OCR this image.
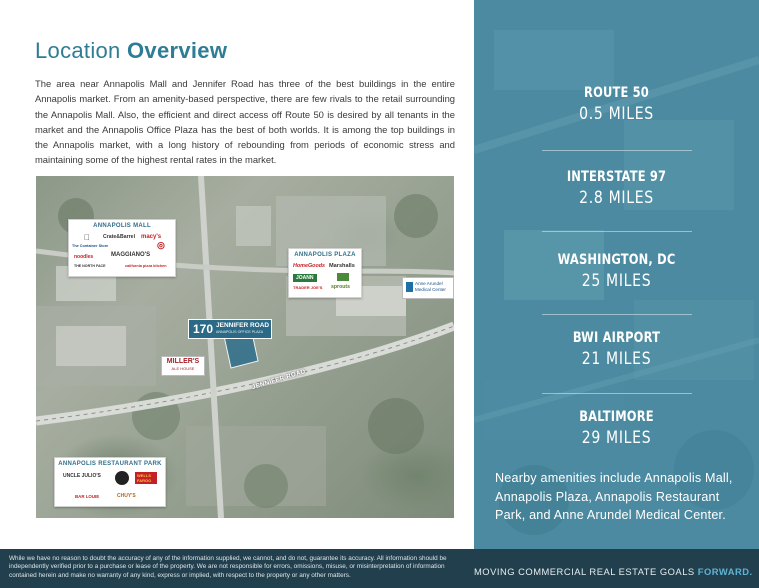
Location Overview
The area near Annapolis Mall and Jennifer Road has three of the best buildings in the entire Annapolis market. From an amenity-based perspective, there are few rivals to the retail surrounding the Annapolis Mall. Also, the efficient and direct access off Route 50 is desired by all tenants in the market and the Annapolis Office Plaza has the best of both worlds. It is among the top buildings in the Annapolis market, with a long history of rebounding from periods of economic stress and maintaining some of the highest rental rates in the market.
ANNAPOLIS MALL
Crate&Barrel macy's
The Container Store	◎
noodles	MAGGIANO'S
THE NORTH FACE	california pizza kitchen
ANNAPOLIS PLAZA
HomeGoods Marshalls
JOANN
TRADER JOE'S sprouts
Anne Arundel
Medical Center
170 JENNIFER ROAD
ANNAPOLIS OFFICE PLAZA
MILLER'S
ALE HOUSE	JENNIFER ROAD
ANNAPOLIS RESTAURANT PARK
UNCLE JULIO'S	WELLS FARGO
BAR LOUIE	CHUY'S
ROUTE 50
0.5 MILES
INTERSTATE 97
2.8 MILES
WASHINGTON, DC
25 MILES
BWI AIRPORT
21 MILES
BALTIMORE
29 MILES
Nearby amenities include Annapolis Mall, Annapolis Plaza, Annapolis Restaurant Park, and Anne Arundel Medical Center.
While we have no reason to doubt the accuracy of any of the information supplied, we cannot, and do not, guarantee its accuracy. All information should be independently verified prior to a purchase or lease of the property. We are not responsible for errors, omissions, misuse, or misinterpretation of information contained herein and make no warranty of any kind, express or implied, with respect to the property or any other matters.	MOVING COMMERCIAL REAL ESTATE GOALS FORWARD.
